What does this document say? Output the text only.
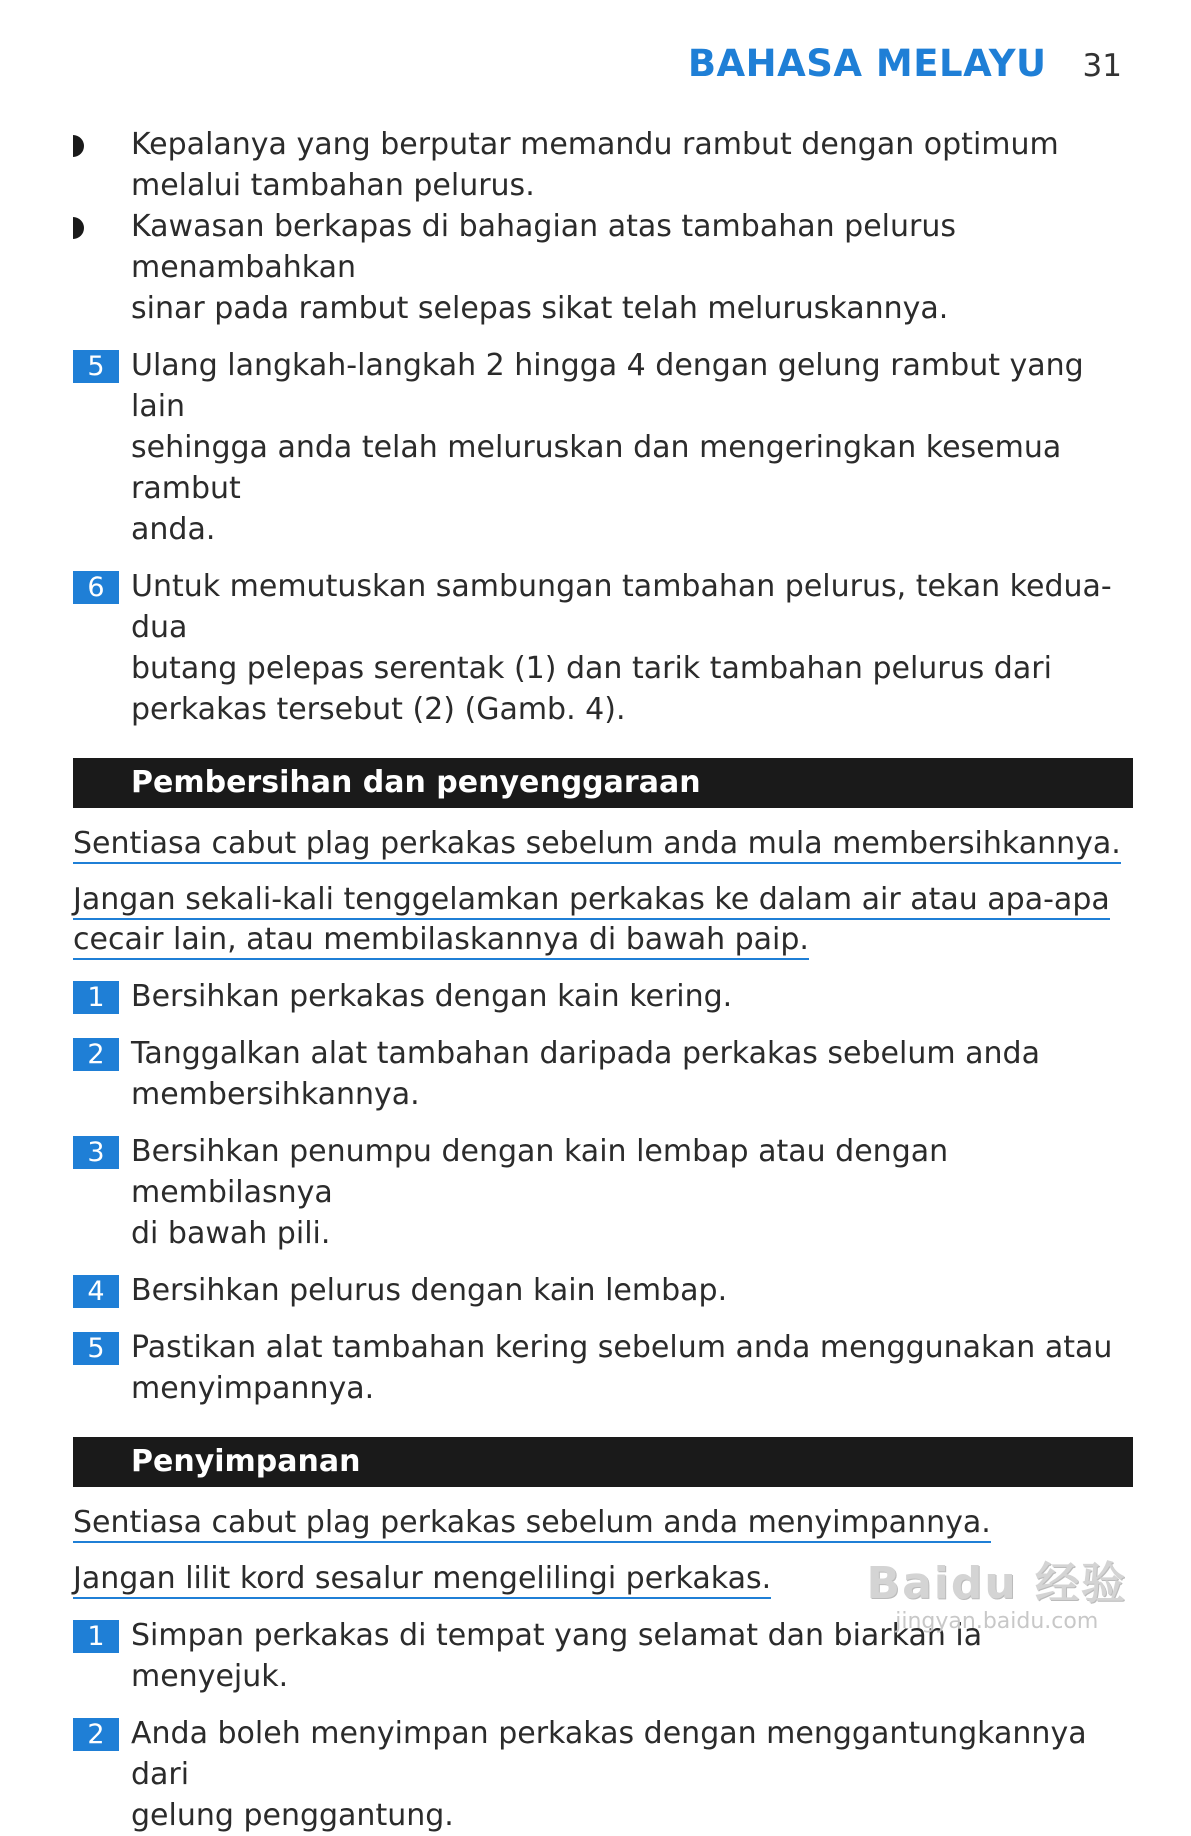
BAHASA MELAYU 31
Kepalanya yang berputar memandu rambut dengan optimum
melalui tambahan pelurus.
Kawasan berkapas di bahagian atas tambahan pelurus menambahkan
sinar pada rambut selepas sikat telah meluruskannya.
5 Ulang langkah-langkah 2 hingga 4 dengan gelung rambut yang lain
sehingga anda telah meluruskan dan mengeringkan kesemua rambut
anda.
6 Untuk memutuskan sambungan tambahan pelurus, tekan kedua-dua
butang pelepas serentak (1) dan tarik tambahan pelurus dari
perkakas tersebut (2) (Gamb. 4).
Pembersihan dan penyenggaraan
Sentiasa cabut plag perkakas sebelum anda mula membersihkannya.
Jangan sekali-kali tenggelamkan perkakas ke dalam air atau apa-apa
cecair lain, atau membilaskannya di bawah paip.
1 Bersihkan perkakas dengan kain kering.
2 Tanggalkan alat tambahan daripada perkakas sebelum anda
membersihkannya.
3 Bersihkan penumpu dengan kain lembap atau dengan membilasnya
di bawah pili.
4 Bersihkan pelurus dengan kain lembap.
5 Pastikan alat tambahan kering sebelum anda menggunakan atau
menyimpannya.
Penyimpanan
Sentiasa cabut plag perkakas sebelum anda menyimpannya.
Jangan lilit kord sesalur mengelilingi perkakas.
1 Simpan perkakas di tempat yang selamat dan biarkan ia menyejuk.
2 Anda boleh menyimpan perkakas dengan menggantungkannya dari
gelung penggantung.
Baidu 经验
jingyan.baidu.com
